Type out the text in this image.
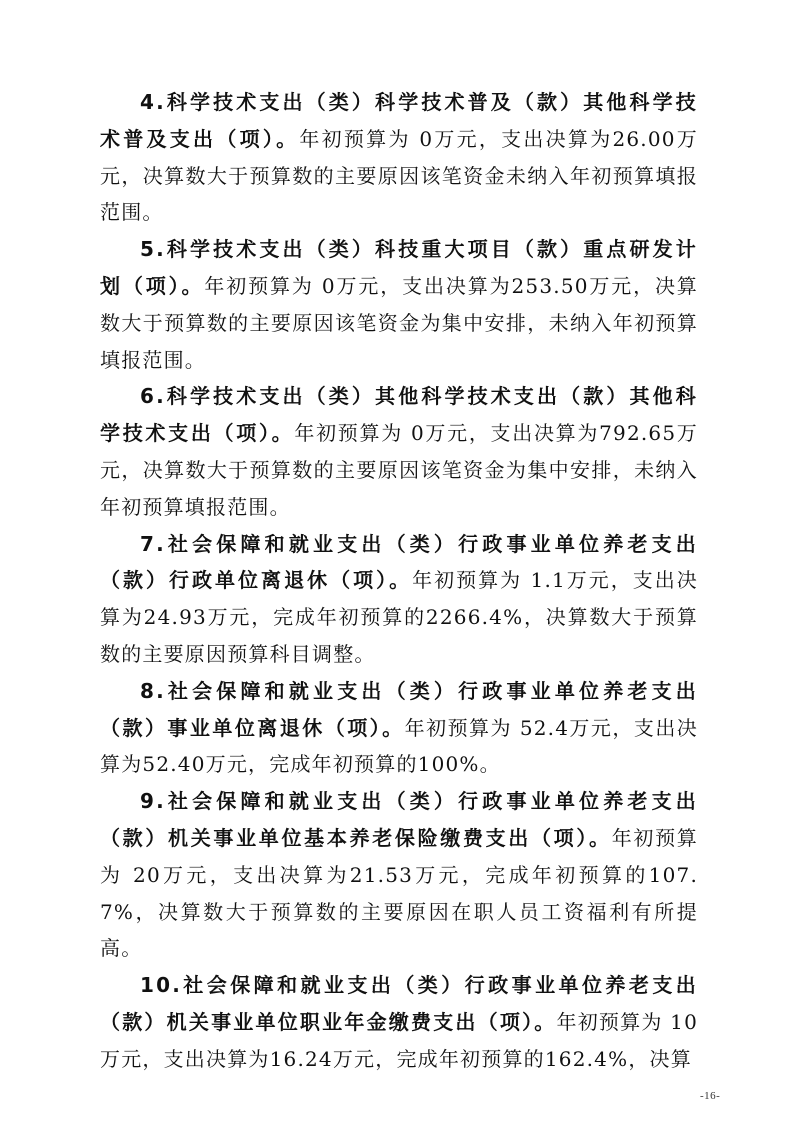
4.科学技术支出（类）科学技术普及（款）其他科学技术普及支出（项）。年初预算为 0万元，支出决算为26.00万元，决算数大于预算数的主要原因该笔资金未纳入年初预算填报范围。

5.科学技术支出（类）科技重大项目（款）重点研发计划（项）。年初预算为 0万元，支出决算为253.50万元，决算数大于预算数的主要原因该笔资金为集中安排，未纳入年初预算填报范围。

6.科学技术支出（类）其他科学技术支出（款）其他科学技术支出（项）。年初预算为 0万元，支出决算为792.65万元，决算数大于预算数的主要原因该笔资金为集中安排，未纳入年初预算填报范围。

7.社会保障和就业支出（类）行政事业单位养老支出（款）行政单位离退休（项）。年初预算为 1.1万元，支出决算为24.93万元，完成年初预算的2266.4%，决算数大于预算数的主要原因预算科目调整。

8.社会保障和就业支出（类）行政事业单位养老支出（款）事业单位离退休（项）。年初预算为 52.4万元，支出决算为52.40万元，完成年初预算的100%。

9.社会保障和就业支出（类）行政事业单位养老支出（款）机关事业单位基本养老保险缴费支出（项）。年初预算为 20万元，支出决算为21.53万元，完成年初预算的107.7%，决算数大于预算数的主要原因在职人员工资福利有所提高。

10.社会保障和就业支出（类）行政事业单位养老支出（款）机关事业单位职业年金缴费支出（项）。年初预算为 10万元，支出决算为16.24万元，完成年初预算的162.4%，决算

-16-
